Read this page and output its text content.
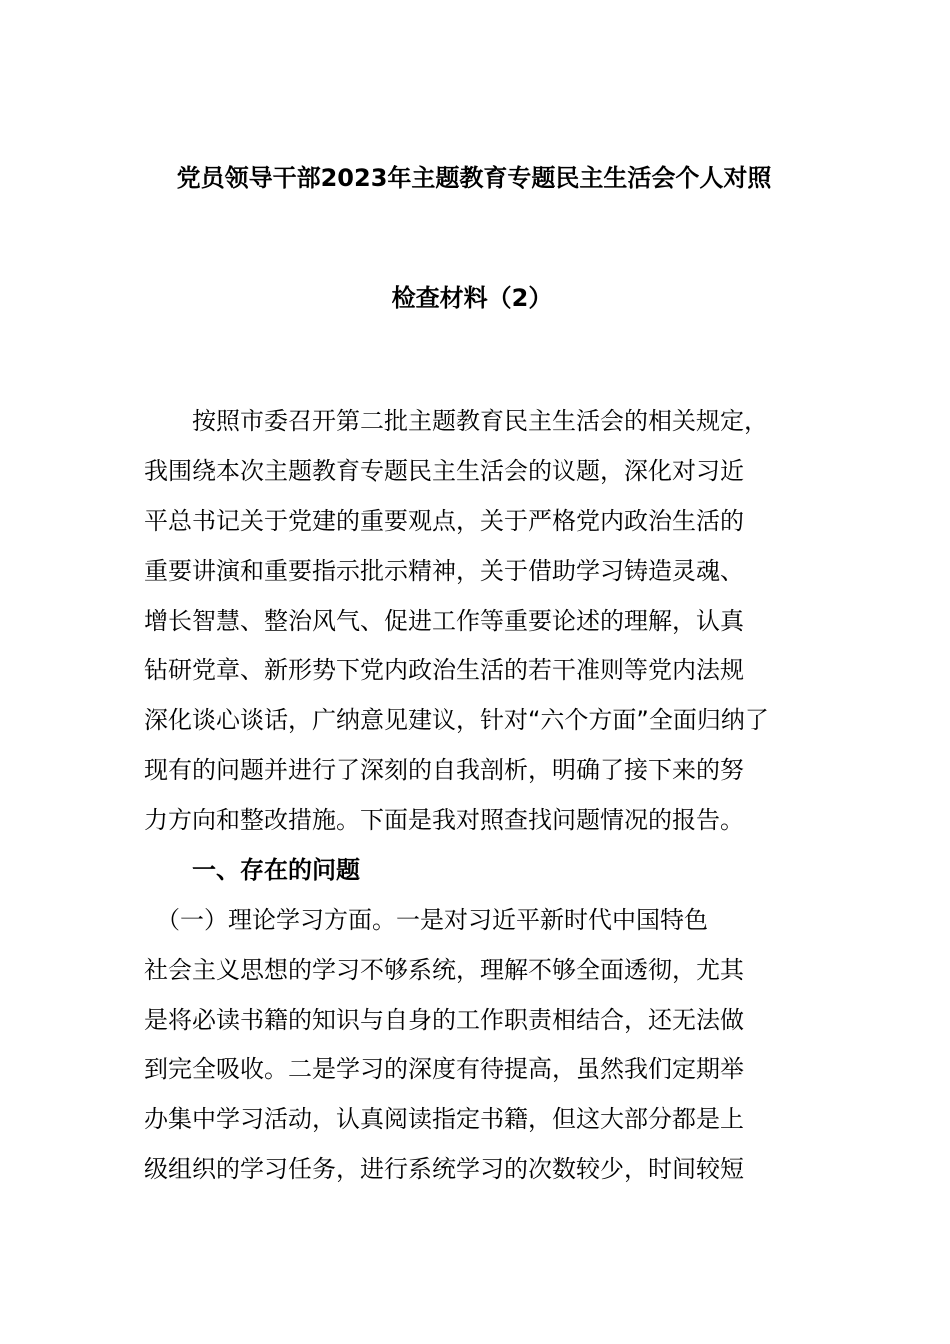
党员领导干部2023年主题教育专题民主生活会个人对照
检查材料（2）
　　按照市委召开第二批主题教育民主生活会的相关规定，
我围绕本次主题教育专题民主生活会的议题，深化对习近
平总书记关于党建的重要观点，关于严格党内政治生活的
重要讲演和重要指示批示精神，关于借助学习铸造灵魂、
增长智慧、整治风气、促进工作等重要论述的理解，认真
钻研党章、新形势下党内政治生活的若干准则等党内法规
深化谈心谈话，广纳意见建议，针对“六个方面”全面归纳了
现有的问题并进行了深刻的自我剖析，明确了接下来的努
力方向和整改措施。下面是我对照查找问题情况的报告。
　　一、存在的问题
　（一）理论学习方面。一是对习近平新时代中国特色
社会主义思想的学习不够系统，理解不够全面透彻，尤其
是将必读书籍的知识与自身的工作职责相结合，还无法做
到完全吸收。二是学习的深度有待提高，虽然我们定期举
办集中学习活动，认真阅读指定书籍，但这大部分都是上
级组织的学习任务，进行系统学习的次数较少，时间较短
